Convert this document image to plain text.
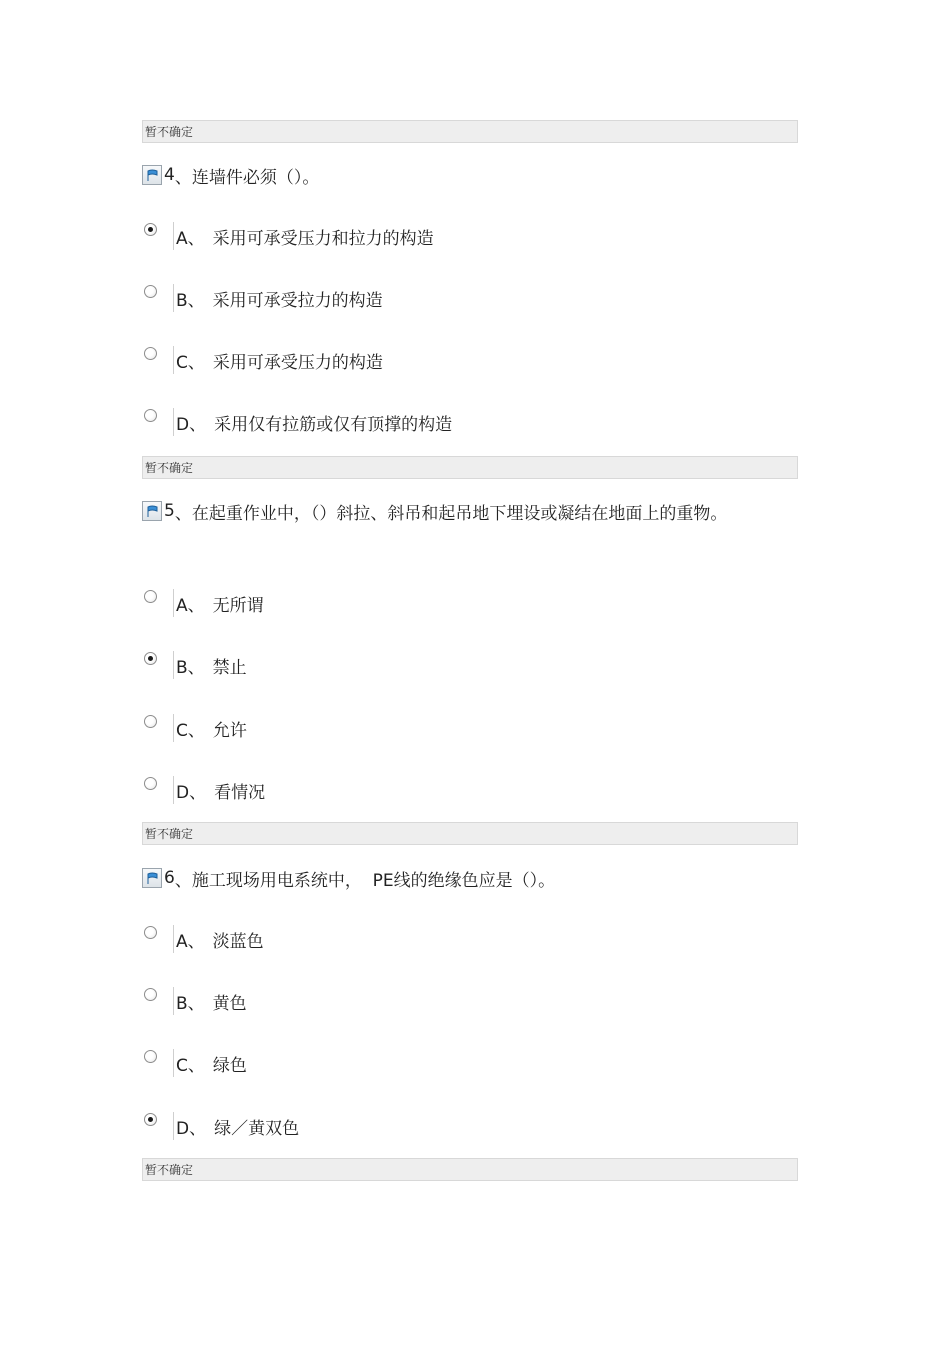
暂不确定

4 、连墙件必须（）。
A、 采用可承受压力和拉力的构造
B、 采用可承受拉力的构造
C、 采用可承受压力的构造
D、 采用仅有拉筋或仅有顶撑的构造
暂不确定

5 、在起重作业中，（）斜拉、斜吊和起吊地下埋设或凝结在地面上的重物。
A、 无所谓
B、 禁止
C、 允许
D、 看情况
暂不确定

6 、施工现场用电系统中，  PE线的绝缘色应是（）。
A、 淡蓝色
B、 黄色
C、 绿色
D、 绿／黄双色
暂不确定
